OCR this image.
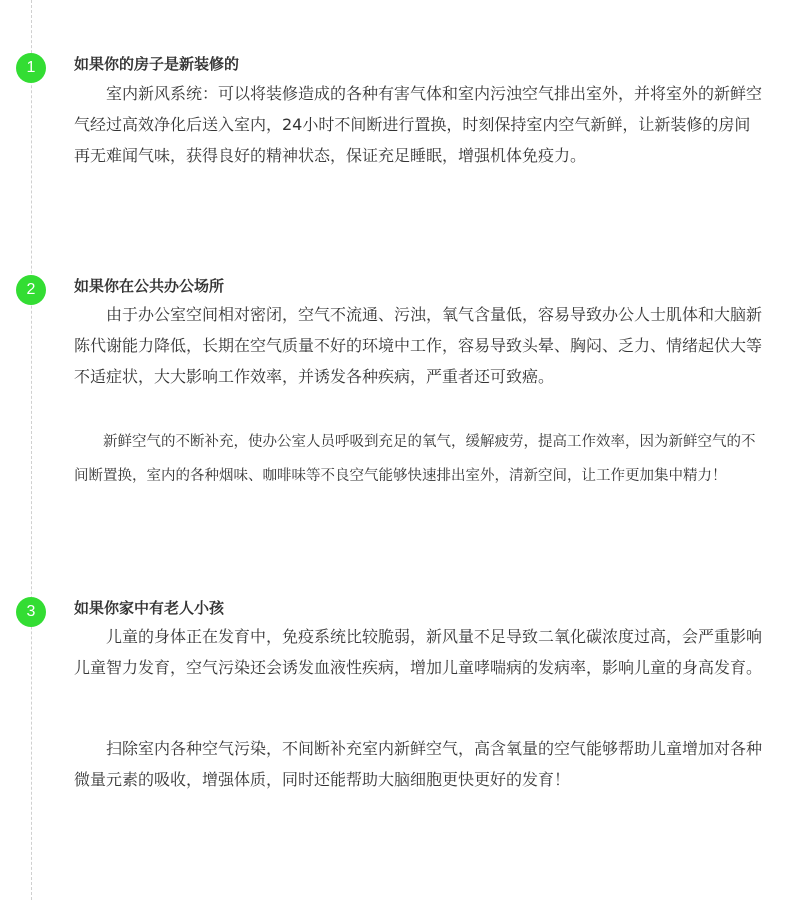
1	如果你的房子是新装修的

室内新风系统：可以将装修造成的各种有害气体和室内污浊空气排出室外，并将室外的新鲜空气经过高效净化后送入室内，24小时不间断进行置换，时刻保持室内空气新鲜，让新装修的房间再无难闻气味，获得良好的精神状态，保证充足睡眠，增强机体免疫力。

2	如果你在公共办公场所

由于办公室空间相对密闭，空气不流通、污浊，氧气含量低，容易导致办公人士肌体和大脑新陈代谢能力降低，长期在空气质量不好的环境中工作，容易导致头晕、胸闷、乏力、情绪起伏大等不适症状，大大影响工作效率，并诱发各种疾病，严重者还可致癌。

新鲜空气的不断补充，使办公室人员呼吸到充足的氧气，缓解疲劳，提高工作效率，因为新鲜空气的不间断置换，室内的各种烟味、咖啡味等不良空气能够快速排出室外，清新空间，让工作更加集中精力！

3	如果你家中有老人小孩

儿童的身体正在发育中，免疫系统比较脆弱，新风量不足导致二氧化碳浓度过高，会严重影响儿童智力发育，空气污染还会诱发血液性疾病，增加儿童哮喘病的发病率，影响儿童的身高发育。

扫除室内各种空气污染，不间断补充室内新鲜空气，高含氧量的空气能够帮助儿童增加对各种微量元素的吸收，增强体质，同时还能帮助大脑细胞更快更好的发育！
